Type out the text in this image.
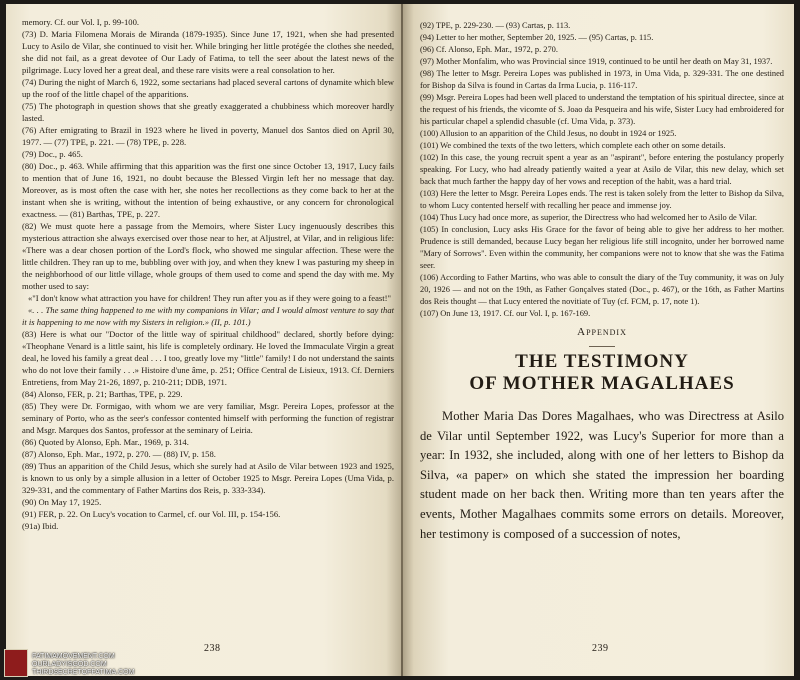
memory. Cf. our Vol. I, p. 99-100.

(73) D. Maria Filomena Morais de Miranda (1879-1935). Since June 17, 1921, when she had presented Lucy to Asilo de Vilar, she continued to visit her. While bringing her little protégée the clothes she needed, she did not fail, as a great devotee of Our Lady of Fatima, to tell the seer about the latest news of the pilgrimage. Lucy loved her a great deal, and these rare visits were a real consolation to her.

(74) During the night of March 6, 1922, some sectarians had placed several cartons of dynamite which blew up the roof of the little chapel of the apparitions.

(75) The photograph in question shows that she greatly exaggerated a chubbiness which moreover hardly lasted.

(76) After emigrating to Brazil in 1923 where he lived in poverty, Manuel dos Santos died on April 30, 1977. — (77) TPE, p. 221. — (78) TPE, p. 228.

(79) Doc., p. 465.

(80) Doc., p. 463. While affirming that this apparition was the first one since October 13, 1917, Lucy fails to mention that of June 16, 1921, no doubt because the Blessed Virgin left her no message that day. Moreover, as is most often the case with her, she notes her recollections as they come back to her at the instant when she is writing, without the intention of being exhaustive, or any concern for chronological exactness. — (81) Barthas, TPE, p. 227.

(82) We must quote here a passage from the Memoirs, where Sister Lucy ingenuously describes this mysterious attraction she always exercised over those near to her, at Aljustrel, at Vilar, and in religious life: «There was a dear chosen portion of the Lord's flock, who showed me singular affection. These were the little children. They ran up to me, bubbling over with joy, and when they knew I was pasturing my sheep in the neighborhood of our little village, whole groups of them used to come and spend the day with me. My mother used to say:

«"I don't know what attraction you have for children! They run after you as if they were going to a feast!"

«. . . The same thing happened to me with my companions in Vilar; and I would almost venture to say that it is happening to me now with my Sisters in religion.» (II, p. 101.)

(83) Here is what our "Doctor of the little way of spiritual childhood" declared, shortly before dying: «Theophane Venard is a little saint, his life is completely ordinary. He loved the Immaculate Virgin a great deal, he loved his family a great deal . . . I too, greatly love my "little" family! I do not understand the saints who do not love their family . . .» Histoire d'une âme, p. 251; Office Central de Lisieux, 1913. Cf. Derniers Entretiens, from May 21-26, 1897, p. 210-211; DDB, 1971.

(84) Alonso, FER, p. 21; Barthas, TPE, p. 229.

(85) They were Dr. Formigao, with whom we are very familiar, Msgr. Pereira Lopes, professor at the seminary of Porto, who as the seer's confessor contented himself with performing the function of registrar and Msgr. Marques dos Santos, professor at the seminary of Leiria.

(86) Quoted by Alonso, Eph. Mar., 1969, p. 314.

(87) Alonso, Eph. Mar., 1972, p. 270. — (88) IV, p. 158.

(89) Thus an apparition of the Child Jesus, which she surely had at Asilo de Vilar between 1923 and 1925, is known to us only by a simple allusion in a letter of October 1925 to Msgr. Pereira Lopes (Uma Vida, p. 329-331, and the commentary of Father Martins dos Reis, p. 333-334).

(90) On May 17, 1925.

(91) FER, p. 22. On Lucy's vocation to Carmel, cf. our Vol. III, p. 154-156.

(91a) Ibid.

238

(92) TPE, p. 229-230. — (93) Cartas, p. 113.

(94) Letter to her mother, September 20, 1925. — (95) Cartas, p. 115.

(96) Cf. Alonso, Eph. Mar., 1972, p. 270.

(97) Mother Monfalim, who was Provincial since 1919, continued to be until her death on May 31, 1937.

(98) The letter to Msgr. Pereira Lopes was published in 1973, in Uma Vida, p. 329-331. The one destined for Bishop da Silva is found in Cartas da Irma Lucia, p. 116-117.

(99) Msgr. Pereira Lopes had been well placed to understand the temptation of his spiritual directee, since at the request of his friends, the vicomte of S. Joao da Pesqueira and his wife, Sister Lucy had embroidered for his particular chapel a splendid chasuble (cf. Uma Vida, p. 373).

(100) Allusion to an apparition of the Child Jesus, no doubt in 1924 or 1925.

(101) We combined the texts of the two letters, which complete each other on some details.

(102) In this case, the young recruit spent a year as an "aspirant", before entering the postulancy properly speaking. For Lucy, who had already patiently waited a year at Asilo de Vilar, this new delay, which set back that much farther the happy day of her vows and reception of the habit, was a hard trial.

(103) Here the letter to Msgr. Pereira Lopes ends. The rest is taken solely from the letter to Bishop da Silva, to whom Lucy contented herself with recalling her peace and immense joy.

(104) Thus Lucy had once more, as superior, the Directress who had welcomed her to Asilo de Vilar.

(105) In conclusion, Lucy asks His Grace for the favor of being able to give her address to her mother. Prudence is still demanded, because Lucy began her religious life still incognito, under her borrowed name "Mary of Sorrows". Even within the community, her companions were not to know that she was the Fatima seer.

(106) According to Father Martins, who was able to consult the diary of the Tuy community, it was on July 20, 1926 — and not on the 19th, as Father Gonçalves stated (Doc., p. 467), or the 16th, as Father Martins dos Reis thought — that Lucy entered the novitiate of Tuy (cf. FCM, p. 17, note 1).

(107) On June 13, 1917. Cf. our Vol. I, p. 167-169.

Appendix
THE TESTIMONY
OF MOTHER MAGALHAES
Mother Maria Das Dores Magalhaes, who was Directress at Asilo de Vilar until September 1922, was Lucy's Superior for more than a year: In 1932, she included, along with one of her letters to Bishop da Silva, «a paper» on which she stated the impression her boarding student made on her back then. Writing more than ten years after the events, Mother Magalhaes commits some errors on details. Moreover, her testimony is composed of a succession of notes,
239
FATIMAMOVEMENT.COM
OURLADYISGOD.COM
THIRDSECRETOFFATIMA.COM
